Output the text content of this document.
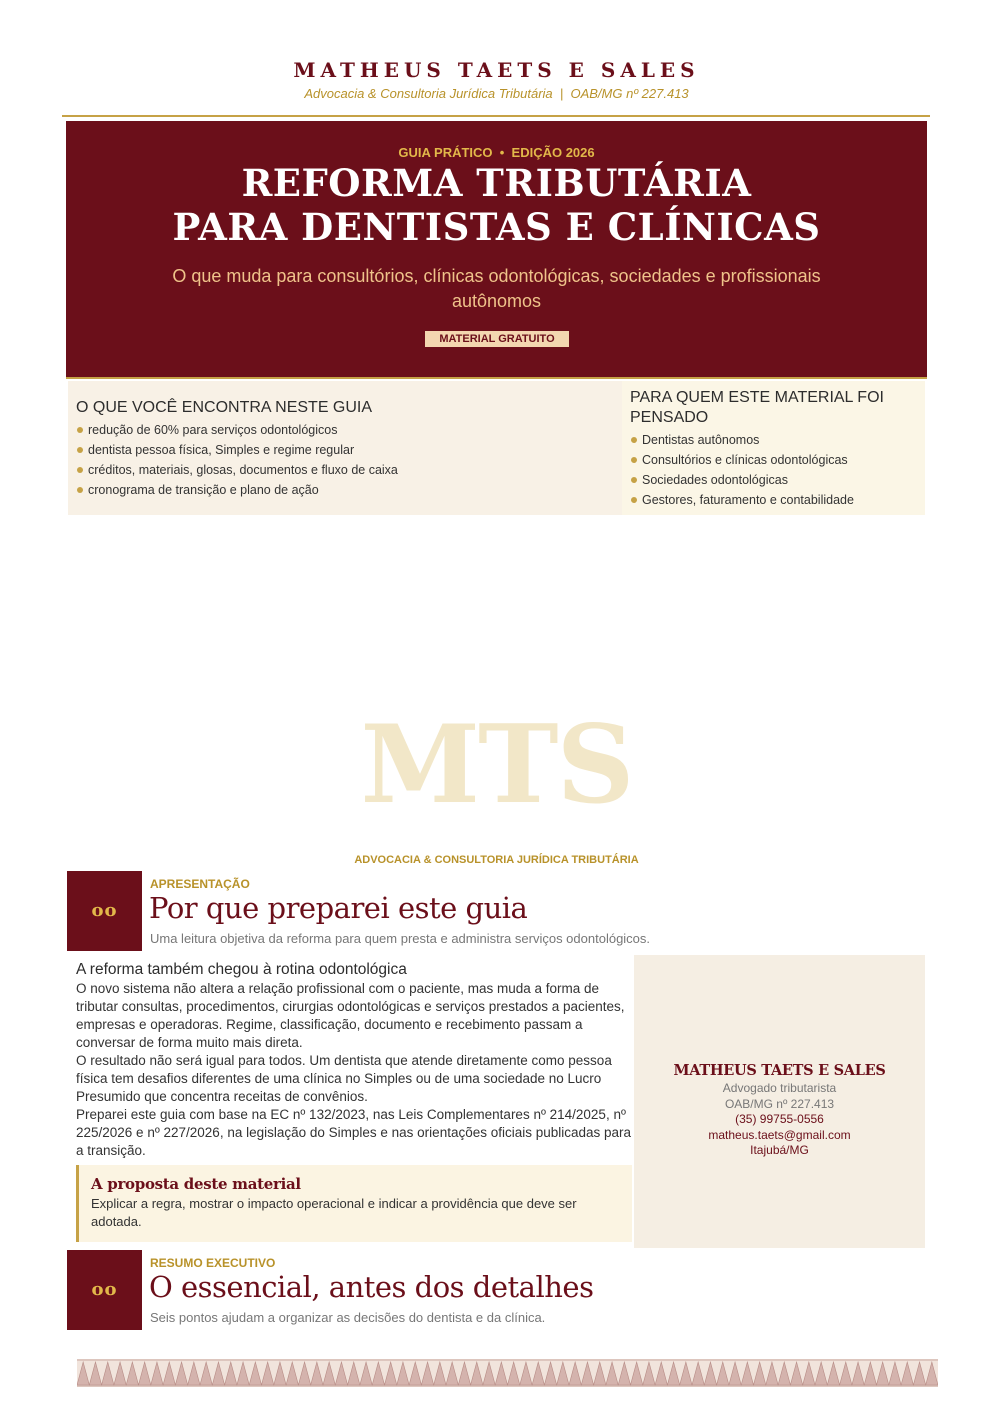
MATHEUS TAETS E SALES
Advocacia & Consultoria Jurídica Tributária  |  OAB/MG nº 227.413
GUIA PRÁTICO  •  EDIÇÃO 2026
REFORMA TRIBUTÁRIA
PARA DENTISTAS E CLÍNICAS
O que muda para consultórios, clínicas odontológicas, sociedades e profissionais autônomos
MATERIAL GRATUITO
O QUE VOCÊ ENCONTRA NESTE GUIA
redução de 60% para serviços odontológicos
dentista pessoa física, Simples e regime regular
créditos, materiais, glosas, documentos e fluxo de caixa
cronograma de transição e plano de ação
PARA QUEM ESTE MATERIAL FOI PENSADO
Dentistas autônomos
Consultórios e clínicas odontológicas
Sociedades odontológicas
Gestores, faturamento e contabilidade
MTS
ADVOCACIA & CONSULTORIA JURÍDICA TRIBUTÁRIA
oo
APRESENTAÇÃO
Por que preparei este guia
Uma leitura objetiva da reforma para quem presta e administra serviços odontológicos.
A reforma também chegou à rotina odontológica

O novo sistema não altera a relação profissional com o paciente, mas muda a forma de tributar consultas, procedimentos, cirurgias odontológicas e serviços prestados a pacientes, empresas e operadoras. Regime, classificação, documento e recebimento passam a conversar de forma muito mais direta.

O resultado não será igual para todos. Um dentista que atende diretamente como pessoa física tem desafios diferentes de uma clínica no Simples ou de uma sociedade no Lucro Presumido que concentra receitas de convênios.

Preparei este guia com base na EC nº 132/2023, nas Leis Complementares nº 214/2025, nº 225/2026 e nº 227/2026, na legislação do Simples e nas orientações oficiais publicadas para a transição.

A proposta deste material
Explicar a regra, mostrar o impacto operacional e indicar a providência que deve ser adotada.
MATHEUS TAETS E SALES
Advogado tributarista
OAB/MG nº 227.413
(35) 99755-0556
matheus.taets@gmail.com
Itajubá/MG
oo
RESUMO EXECUTIVO
O essencial, antes dos detalhes
Seis pontos ajudam a organizar as decisões do dentista e da clínica.
